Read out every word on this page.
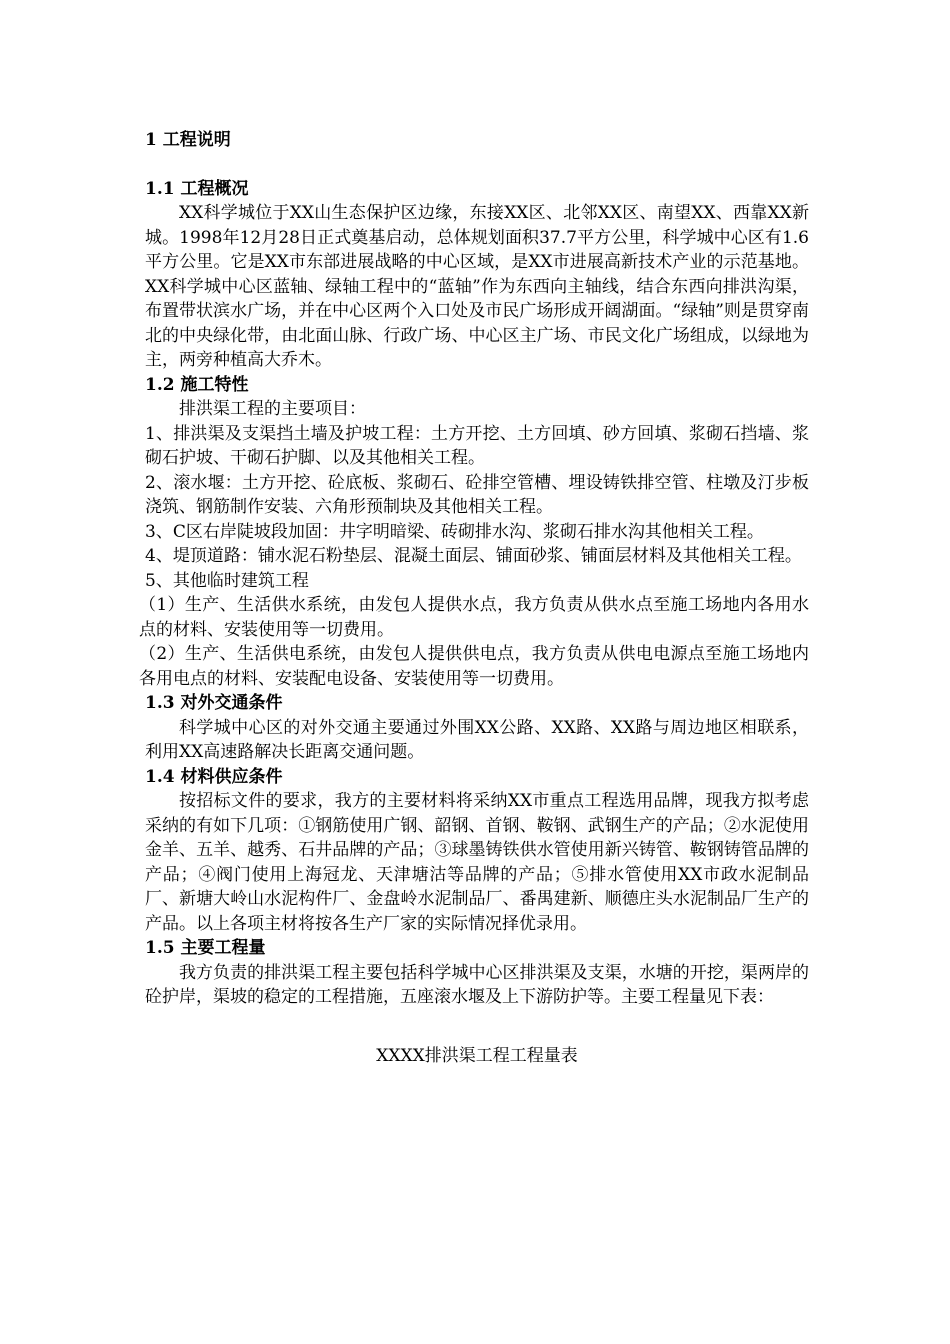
1 工程说明

1.1 工程概况

XX科学城位于XX山生态保护区边缘，东接XX区、北邻XX区、南望XX、西靠XX新城。1998年12月28日正式奠基启动，总体规划面积37.7平方公里，科学城中心区有1.6平方公里。它是XX市东部进展战略的中心区域，是XX市进展高新技术产业的示范基地。XX科学城中心区蓝轴、绿轴工程中的“蓝轴”作为东西向主轴线，结合东西向排洪沟渠，布置带状滨水广场，并在中心区两个入口处及市民广场形成开阔湖面。“绿轴”则是贯穿南北的中央绿化带，由北面山脉、行政广场、中心区主广场、市民文化广场组成，以绿地为主，两旁种植高大乔木。

1.2 施工特性

排洪渠工程的主要项目：

1、排洪渠及支渠挡土墙及护坡工程：土方开挖、土方回填、砂方回填、浆砌石挡墙、浆砌石护坡、干砌石护脚、以及其他相关工程。

2、滚水堰：土方开挖、砼底板、浆砌石、砼排空管槽、埋设铸铁排空管、柱墩及汀步板浇筑、钢筋制作安装、六角形预制块及其他相关工程。

3、C区右岸陡坡段加固：井字明暗梁、砖砌排水沟、浆砌石排水沟其他相关工程。

4、堤顶道路：铺水泥石粉垫层、混凝土面层、铺面砂浆、铺面层材料及其他相关工程。

5、其他临时建筑工程

（1）生产、生活供水系统，由发包人提供水点，我方负责从供水点至施工场地内各用水点的材料、安装使用等一切费用。

（2）生产、生活供电系统，由发包人提供供电点，我方负责从供电电源点至施工场地内各用电点的材料、安装配电设备、安装使用等一切费用。

1.3 对外交通条件

科学城中心区的对外交通主要通过外围XX公路、XX路、XX路与周边地区相联系，利用XX高速路解决长距离交通问题。

1.4 材料供应条件

按招标文件的要求，我方的主要材料将采纳XX市重点工程选用品牌，现我方拟考虑采纳的有如下几项：①钢筋使用广钢、韶钢、首钢、鞍钢、武钢生产的产品；②水泥使用金羊、五羊、越秀、石井品牌的产品；③球墨铸铁供水管使用新兴铸管、鞍钢铸管品牌的产品；④阀门使用上海冠龙、天津塘沽等品牌的产品；⑤排水管使用XX市政水泥制品厂、新塘大岭山水泥构件厂、金盘岭水泥制品厂、番禺建新、顺德庄头水泥制品厂生产的产品。以上各项主材将按各生产厂家的实际情况择优录用。

1.5 主要工程量

我方负责的排洪渠工程主要包括科学城中心区排洪渠及支渠，水塘的开挖，渠两岸的砼护岸，渠坡的稳定的工程措施，五座滚水堰及上下游防护等。主要工程量见下表：

XXXX排洪渠工程工程量表
